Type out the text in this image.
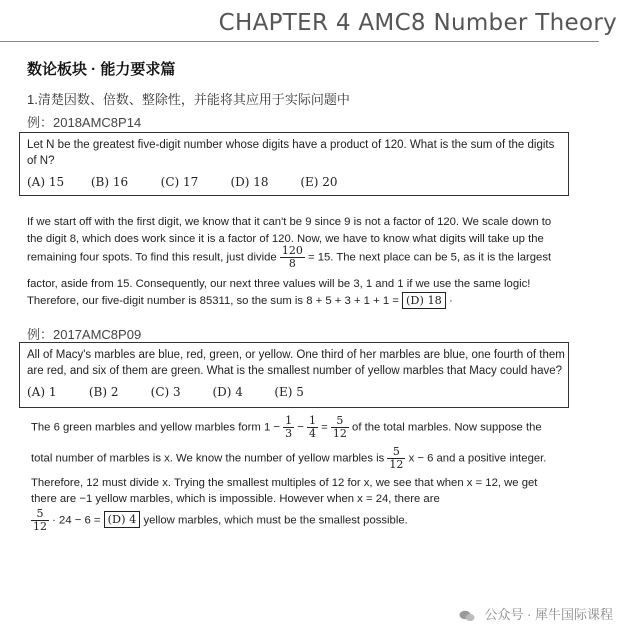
CHAPTER 4 AMC8 Number Theory
数论板块 · 能力要求篇
1.清楚因数、倍数、整除性，并能将其应用于实际问题中
例：2018AMC8P14
Let N be the greatest five-digit number whose digits have a product of 120. What is the sum of the digits
of N?
(A) 15 (B) 16	(C) 17	(D) 18	(E) 20
If we start off with the first digit, we know that it can't be 9 since 9 is not a factor of 120. We scale down to
the digit 8, which does work since it is a factor of 120. Now, we have to know what digits will take up the
remaining four spots. To find this result, just divide $\frac{120}{8} = 15$. The next place can be 5, as it is the largest
factor, aside from 15. Consequently, our next three values will be 3, 1 and 1 if we use the same logic!
Therefore, our five-digit number is 85311, so the sum is 8 + 5 + 3 + 1 + 1 = (D) 18 ·
例：2017AMC8P09
All of Macy's marbles are blue, red, green, or yellow. One third of her marbles are blue, one fourth of them
are red, and six of them are green. What is the smallest number of yellow marbles that Macy could have?
(A) 1	(B) 2	(C) 3	(D) 4	(E) 5
The 6 green marbles and yellow marbles form $1 - \frac{1}{3} - \frac{1}{4} = \frac{5}{12}$ of the total marbles. Now suppose the
total number of marbles is x. We know the number of yellow marbles is $\frac{5}{12}$ x − 6 and a positive integer.
Therefore, 12 must divide x. Trying the smallest multiples of 12 for x, we see that when x = 12, we get
there are −1 yellow marbles, which is impossible. However when x = 24, there are
$\frac{5}{12} \cdot 24 - 6 = (D)$ 4 yellow marbles, which must be the smallest possible.
公众号 · 犀牛国际课程
